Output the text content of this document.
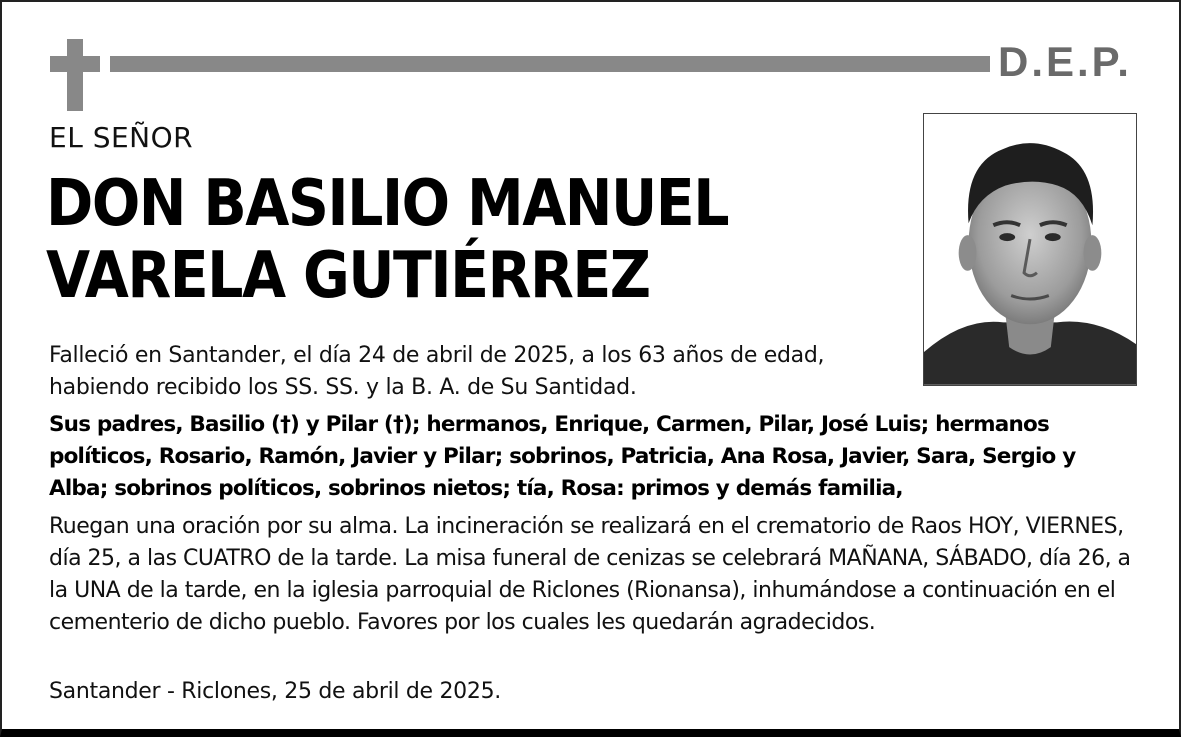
D.E.P.
EL SEÑOR
DON BASILIO MANUEL
VARELA GUTIÉRREZ

Falleció en Santander, el día 24 de abril de 2025, a los 63 años de edad,
habiendo recibido los SS. SS. y la B. A. de Su Santidad.

Sus padres, Basilio (†) y Pilar (†); hermanos, Enrique, Carmen, Pilar, José Luis; hermanos políticos, Rosario, Ramón, Javier y Pilar; sobrinos, Patricia, Ana Rosa, Javier, Sara, Sergio y Alba; sobrinos políticos, sobrinos nietos; tía, Rosa: primos y demás familia,

Ruegan una oración por su alma. La incineración se realizará en el crematorio de Raos HOY, VIERNES, día 25, a las CUATRO de la tarde. La misa funeral de cenizas se celebrará MAÑANA, SÁBADO, día 26, a la UNA de la tarde, en la iglesia parroquial de Riclones (Rionansa), inhumándose a continuación en el cementerio de dicho pueblo. Favores por los cuales les quedarán agradecidos.

Santander - Riclones, 25 de abril de 2025.
